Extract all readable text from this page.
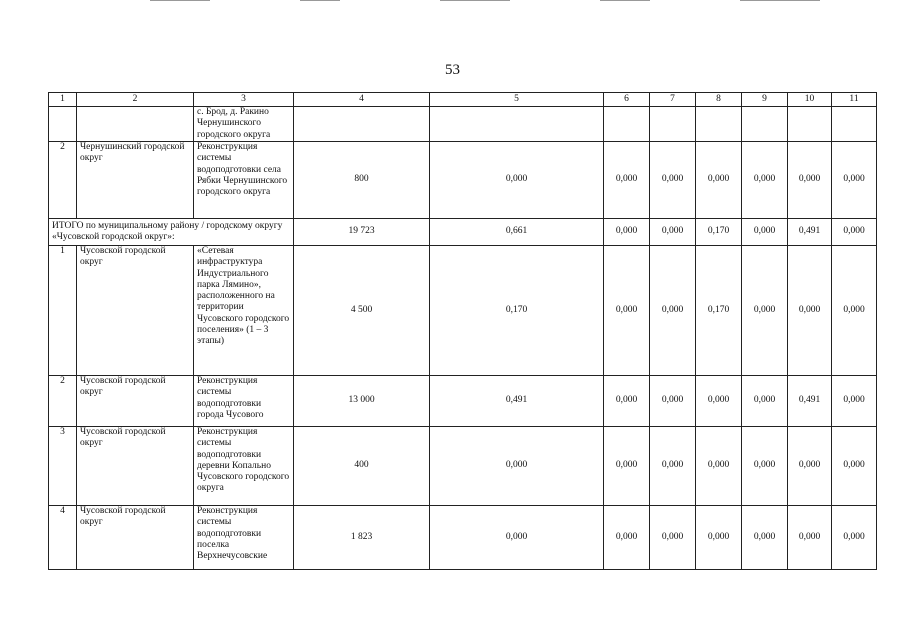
53
1	2	3	4	5	6	7	8	9	10	11
		с. Брод, д. Ракино Чернушинского городского округа								
2	Чернушинский городской округ	Реконструкция системы водоподготовки села Рябки Чернушинского городского округа	800	0,000	0,000	0,000	0,000	0,000	0,000	0,000
ИТОГО по муниципальному району / городскому округу «Чусовской городской округ»:			19 723	0,661	0,000	0,000	0,170	0,000	0,491	0,000
1	Чусовской городской округ	«Сетевая инфраструктура Индустриального парка Лямино», расположенного на территории Чусовского городского поселения» (1 – 3 этапы)	4 500	0,170	0,000	0,000	0,170	0,000	0,000	0,000
2	Чусовской городской округ	Реконструкция системы водоподготовки города Чусового	13 000	0,491	0,000	0,000	0,000	0,000	0,491	0,000
3	Чусовской городской округ	Реконструкция системы водоподготовки деревни Копально Чусовского городского округа	400	0,000	0,000	0,000	0,000	0,000	0,000	0,000
4	Чусовской городской округ	Реконструкция системы водоподготовки поселка Верхнечусовские	1 823	0,000	0,000	0,000	0,000	0,000	0,000	0,000
